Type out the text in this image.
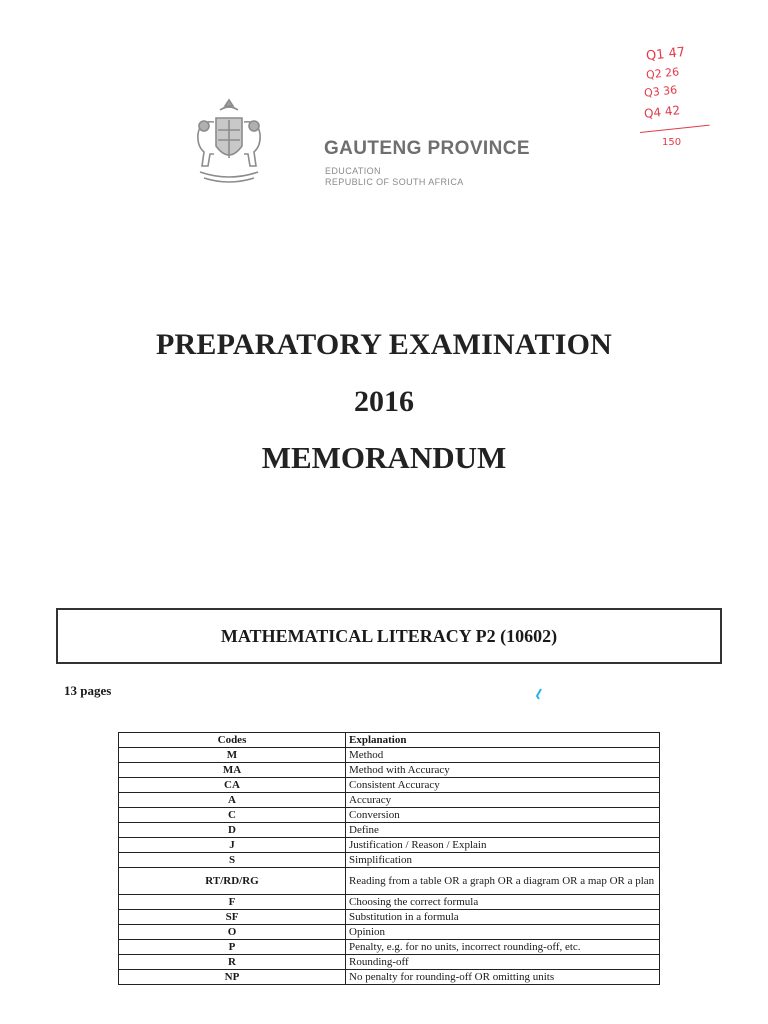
GAUTENG PROVINCE
EDUCATION
REPUBLIC OF SOUTH AFRICA
Q1 47
Q2 26
Q3 36
Q4 42
150
PREPARATORY EXAMINATION
2016
MEMORANDUM
MATHEMATICAL LITERACY P2 (10602)
13 pages
Codes	Explanation
M	Method
MA	Method with Accuracy
CA	Consistent Accuracy
A	Accuracy
C	Conversion
D	Define
J	Justification / Reason / Explain
S	Simplification
RT/RD/RG	Reading from a table OR a graph OR a diagram OR a map OR a plan
F	Choosing the correct formula
SF	Substitution in a formula
O	Opinion
P	Penalty, e.g. for no units, incorrect rounding-off, etc.
R	Rounding-off
NP	No penalty for rounding-off OR omitting units
